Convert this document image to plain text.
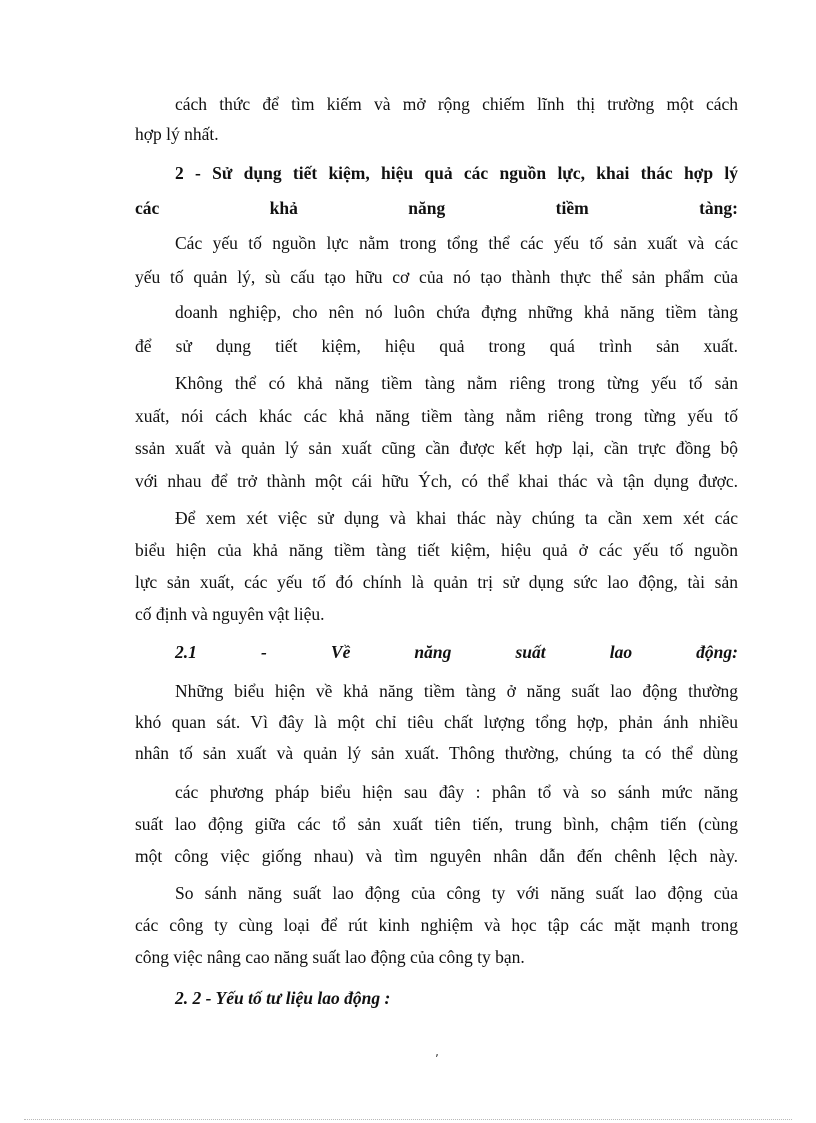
cách thức để tìm kiếm và mở rộng chiếm lĩnh thị trường một cách
hợp lý nhất.
2 - Sử dụng tiết kiệm, hiệu quả các nguồn lực, khai thác hợp lý
các khả năng tiềm tàng:
Các yếu tố nguồn lực nằm trong tổng thể các yếu tố sản xuất và các
yếu tố quản lý, sù cấu tạo hữu cơ của nó tạo thành thực thể sản phẩm của
doanh nghiệp, cho nên nó luôn chứa đựng những khả năng tiềm tàng
để sử dụng tiết kiệm, hiệu quả trong quá trình sản xuất.
Không thể có khả năng tiềm tàng nằm riêng trong từng yếu tố sản
xuất, nói cách khác các khả năng tiềm tàng nằm riêng trong từng yếu tố
ssản xuất và quản lý sản xuất cũng cần được kết hợp lại, cần trực đồng bộ
với nhau để trở thành một cái hữu Ých, có thể khai thác và tận dụng được.
Để xem xét việc sử dụng và khai thác này chúng ta cần xem xét các
biểu hiện của khả năng tiềm tàng tiết kiệm, hiệu quả ở các yếu tố nguồn
lực sản xuất, các yếu tố đó chính là quản trị sử dụng sức lao động, tài sản
cố định và nguyên vật liệu.
2.1 - Về năng suất lao động:
Những biểu hiện về khả năng tiềm tàng ở năng suất lao động thường
khó quan sát. Vì đây là một chỉ tiêu chất lượng tổng hợp, phản ánh nhiều
nhân tố sản xuất và quản lý sản xuất. Thông thường, chúng ta có thể dùng
các phương pháp biểu hiện sau đây : phân tổ và so sánh mức năng
suất lao động giữa các tổ sản xuất tiên tiến, trung bình, chậm tiến (cùng
một công việc giống nhau) và tìm nguyên nhân dẫn đến chênh lệch này.
So sánh năng suất lao động của công ty với năng suất lao động của
các công ty cùng loại để rút kinh nghiệm và học tập các mặt mạnh trong
công việc nâng cao năng suất lao động của công ty bạn.
2. 2 - Yếu tố tư liệu lao động :
ʼ
